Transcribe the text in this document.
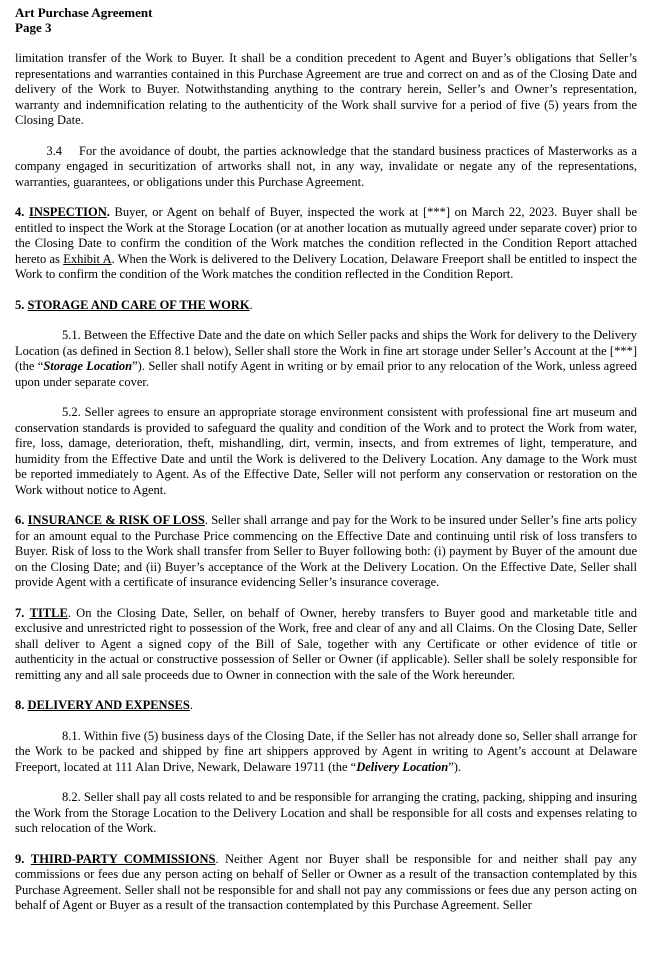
Art Purchase Agreement

Page 3

limitation transfer of the Work to Buyer. It shall be a condition precedent to Agent and Buyer’s obligations that Seller’s representations and warranties contained in this Purchase Agreement are true and correct on and as of the Closing Date and delivery of the Work to Buyer. Notwithstanding anything to the contrary herein, Seller’s and Owner’s representation, warranty and indemnification relating to the authenticity of the Work shall survive for a period of five (5) years from the Closing Date.

3.4 For the avoidance of doubt, the parties acknowledge that the standard business practices of Masterworks as a company engaged in securitization of artworks shall not, in any way, invalidate or negate any of the representations, warranties, guarantees, or obligations under this Purchase Agreement.

4. INSPECTION. Buyer, or Agent on behalf of Buyer, inspected the work at [***] on March 22, 2023. Buyer shall be entitled to inspect the Work at the Storage Location (or at another location as mutually agreed under separate cover) prior to the Closing Date to confirm the condition of the Work matches the condition reflected in the Condition Report attached hereto as Exhibit A. When the Work is delivered to the Delivery Location, Delaware Freeport shall be entitled to inspect the Work to confirm the condition of the Work matches the condition reflected in the Condition Report.

5. STORAGE AND CARE OF THE WORK.

5.1. Between the Effective Date and the date on which Seller packs and ships the Work for delivery to the Delivery Location (as defined in Section 8.1 below), Seller shall store the Work in fine art storage under Seller’s Account at the [***] (the “Storage Location”). Seller shall notify Agent in writing or by email prior to any relocation of the Work, unless agreed upon under separate cover.

5.2. Seller agrees to ensure an appropriate storage environment consistent with professional fine art museum and conservation standards is provided to safeguard the quality and condition of the Work and to protect the Work from water, fire, loss, damage, deterioration, theft, mishandling, dirt, vermin, insects, and from extremes of light, temperature, and humidity from the Effective Date and until the Work is delivered to the Delivery Location. Any damage to the Work must be reported immediately to Agent. As of the Effective Date, Seller will not perform any conservation or restoration on the Work without notice to Agent.

6. INSURANCE & RISK OF LOSS. Seller shall arrange and pay for the Work to be insured under Seller’s fine arts policy for an amount equal to the Purchase Price commencing on the Effective Date and continuing until risk of loss transfers to Buyer. Risk of loss to the Work shall transfer from Seller to Buyer following both: (i) payment by Buyer of the amount due on the Closing Date; and (ii) Buyer’s acceptance of the Work at the Delivery Location. On the Effective Date, Seller shall provide Agent with a certificate of insurance evidencing Seller’s insurance coverage.

7. TITLE. On the Closing Date, Seller, on behalf of Owner, hereby transfers to Buyer good and marketable title and exclusive and unrestricted right to possession of the Work, free and clear of any and all Claims. On the Closing Date, Seller shall deliver to Agent a signed copy of the Bill of Sale, together with any Certificate or other evidence of title or authenticity in the actual or constructive possession of Seller or Owner (if applicable). Seller shall be solely responsible for remitting any and all sale proceeds due to Owner in connection with the sale of the Work hereunder.

8. DELIVERY AND EXPENSES.

8.1. Within five (5) business days of the Closing Date, if the Seller has not already done so, Seller shall arrange for the Work to be packed and shipped by fine art shippers approved by Agent in writing to Agent’s account at Delaware Freeport, located at 111 Alan Drive, Newark, Delaware 19711 (the “Delivery Location”).

8.2. Seller shall pay all costs related to and be responsible for arranging the crating, packing, shipping and insuring the Work from the Storage Location to the Delivery Location and shall be responsible for all costs and expenses relating to such relocation of the Work.

9. THIRD-PARTY COMMISSIONS. Neither Agent nor Buyer shall be responsible for and neither shall pay any commissions or fees due any person acting on behalf of Seller or Owner as a result of the transaction contemplated by this Purchase Agreement. Seller shall not be responsible for and shall not pay any commissions or fees due any person acting on behalf of Agent or Buyer as a result of the transaction contemplated by this Purchase Agreement. Seller
